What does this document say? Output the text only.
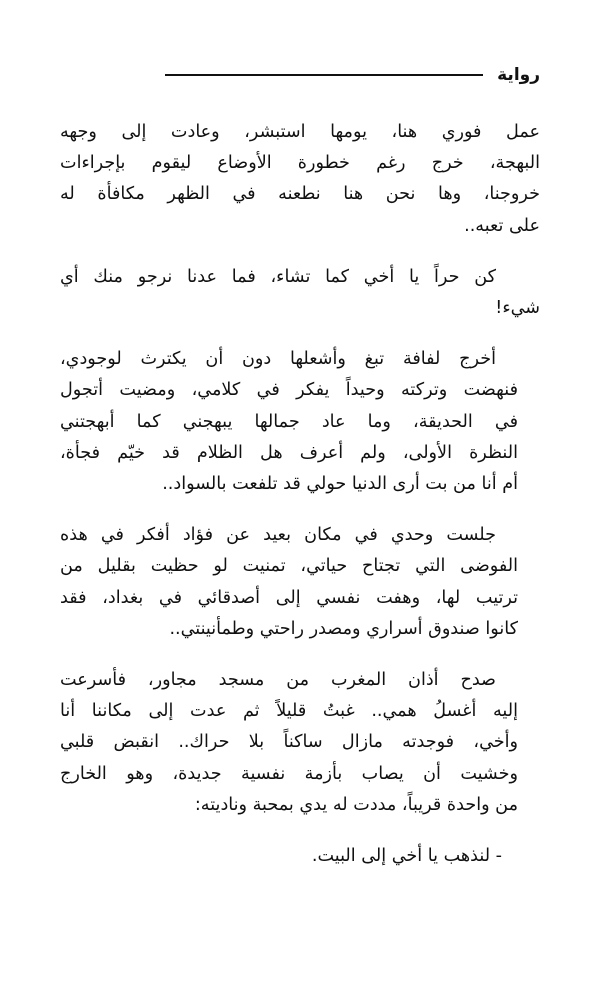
رواية

عمل فوري هنا، يومها استبشر، وعادت إلى وجهه
البهجة، خرج رغم خطورة الأوضاع ليقوم بإجراءات
خروجنا، وها نحن هنا نطعنه في الظهر مكافأة له
على تعبه..

كن حراً يا أخي كما تشاء، فما عدنا نرجو منك أي
شيء!

أخرج لفافة تبغ وأشعلها دون أن يكترث لوجودي،
فنهضت وتركته وحيداً يفكر في كلامي، ومضيت أتجول
في الحديقة، وما عاد جمالها يبهجني كما أبهجتني
النظرة الأولى، ولم أعرف هل الظلام قد خيّم فجأة،
أم أنا من بت أرى الدنيا حولي قد تلفعت بالسواد..

جلست وحدي في مكان بعيد عن فؤاد أفكر في هذه
الفوضى التي تجتاح حياتي، تمنيت لو حظيت بقليل من
ترتيب لها، وهفت نفسي إلى أصدقائي في بغداد، فقد
كانوا صندوق أسراري ومصدر راحتي وطمأنينتي..

صدح أذان المغرب من مسجد مجاور، فأسرعت
إليه أغسلُ همي.. غبتُ قليلاً ثم عدت إلى مكاننا أنا
وأخي، فوجدته مازال ساكناً بلا حراك.. انقبض قلبي
وخشيت أن يصاب بأزمة نفسية جديدة، وهو الخارج
من واحدة قريباً، مددت له يدي بمحبة وناديته:

- لنذهب يا أخي إلى البيت.
